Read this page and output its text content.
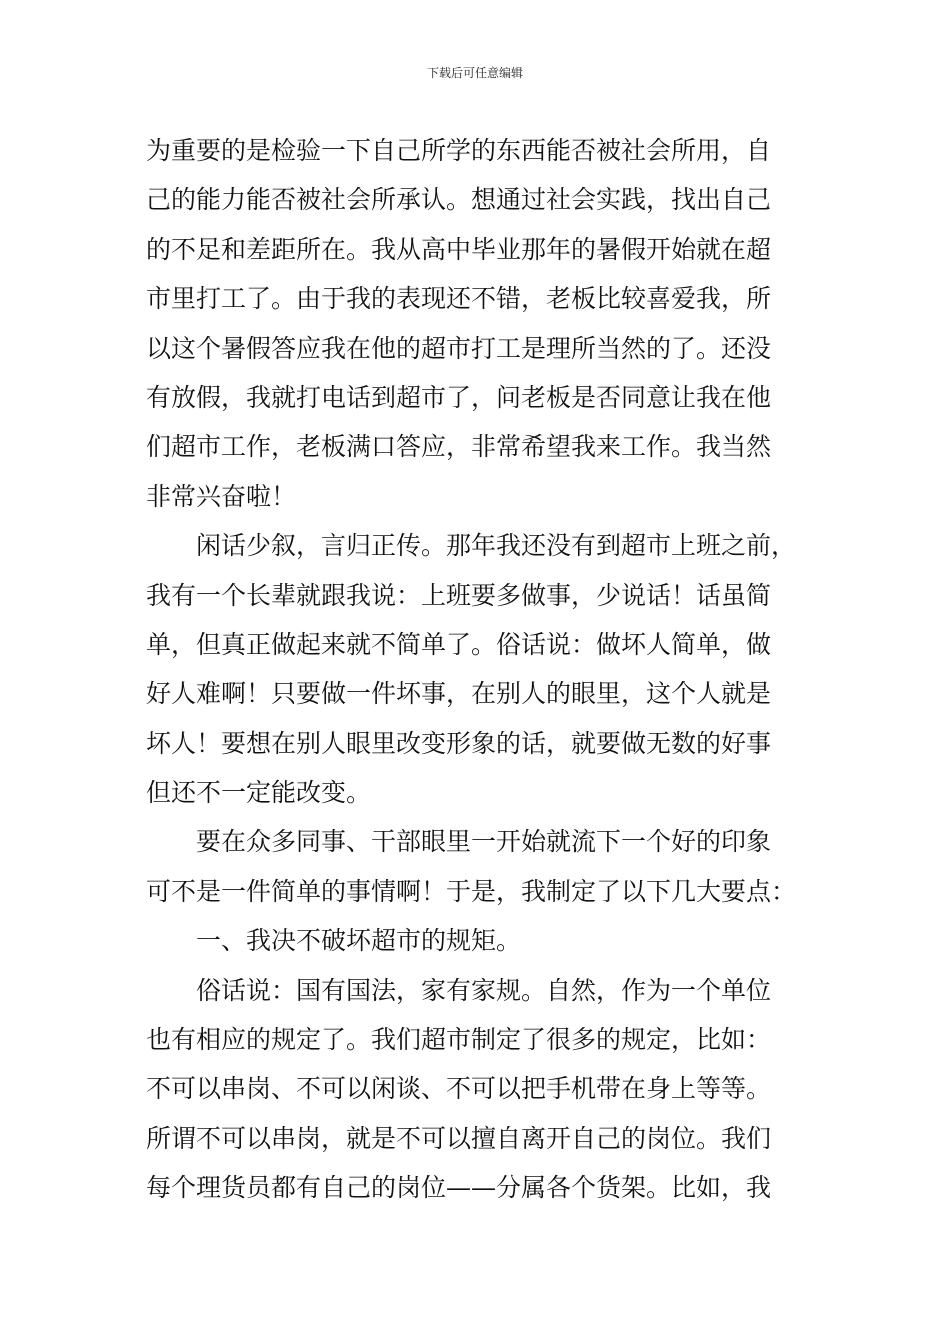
下载后可任意编辑
为重要的是检验一下自己所学的东西能否被社会所用，自
己的能力能否被社会所承认。想通过社会实践，找出自己
的不足和差距所在。我从高中毕业那年的暑假开始就在超
市里打工了。由于我的表现还不错，老板比较喜爱我，所
以这个暑假答应我在他的超市打工是理所当然的了。还没
有放假，我就打电话到超市了，问老板是否同意让我在他
们超市工作，老板满口答应，非常希望我来工作。我当然
非常兴奋啦！
　　闲话少叙，言归正传。那年我还没有到超市上班之前，
我有一个长辈就跟我说：上班要多做事，少说话！话虽简
单，但真正做起来就不简单了。俗话说：做坏人简单，做
好人难啊！只要做一件坏事，在别人的眼里，这个人就是
坏人！要想在别人眼里改变形象的话，就要做无数的好事
但还不一定能改变。
　　要在众多同事、干部眼里一开始就流下一个好的印象
可不是一件简单的事情啊！于是，我制定了以下几大要点：
　　一、我决不破坏超市的规矩。
　　俗话说：国有国法，家有家规。自然，作为一个单位
也有相应的规定了。我们超市制定了很多的规定，比如：
不可以串岗、不可以闲谈、不可以把手机带在身上等等。
所谓不可以串岗，就是不可以擅自离开自己的岗位。我们
每个理货员都有自己的岗位——分属各个货架。比如，我
